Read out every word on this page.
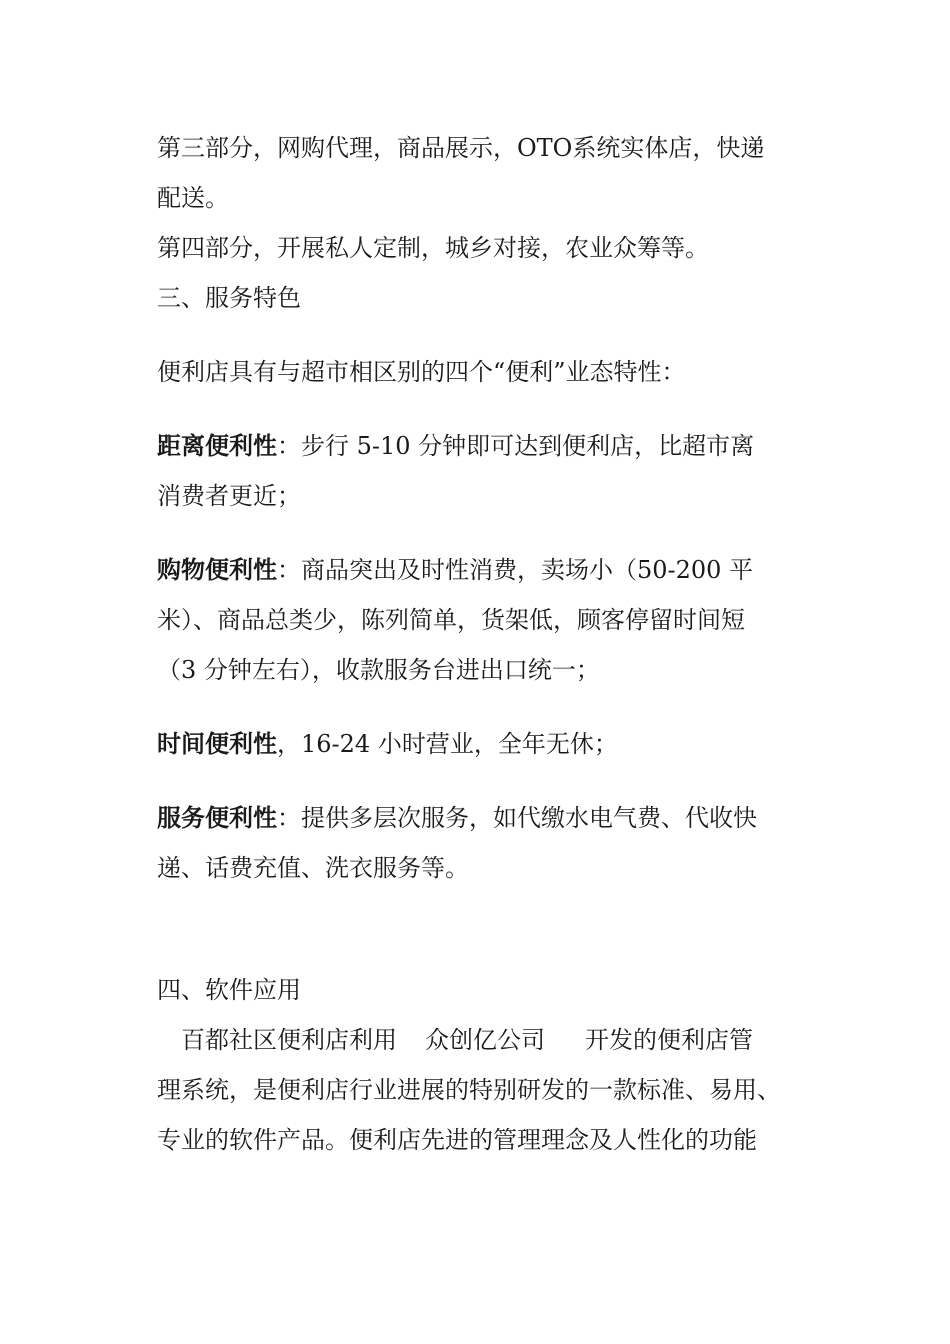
第三部分，网购代理，商品展示，OTO系统实体店，快递
配送。
第四部分，开展私人定制，城乡对接，农业众筹等。
三、服务特色
便利店具有与超市相区别的四个“便利”业态特性：
距离便利性：步行 5-10 分钟即可达到便利店，比超市离
消费者更近；
购物便利性：商品突出及时性消费，卖场小（50-200 平
米）、商品总类少，陈列简单，货架低，顾客停留时间短
（3 分钟左右），收款服务台进出口统一；
时间便利性，16-24 小时营业，全年无休；
服务便利性：提供多层次服务，如代缴水电气费、代收快
递、话费充值、洗衣服务等。
四、软件应用
百都社区便利店利用 众创亿公司 开发的便利店管
理系统，是便利店行业进展的特别研发的一款标准、易用、
专业的软件产品。便利店先进的管理理念及人性化的功能
